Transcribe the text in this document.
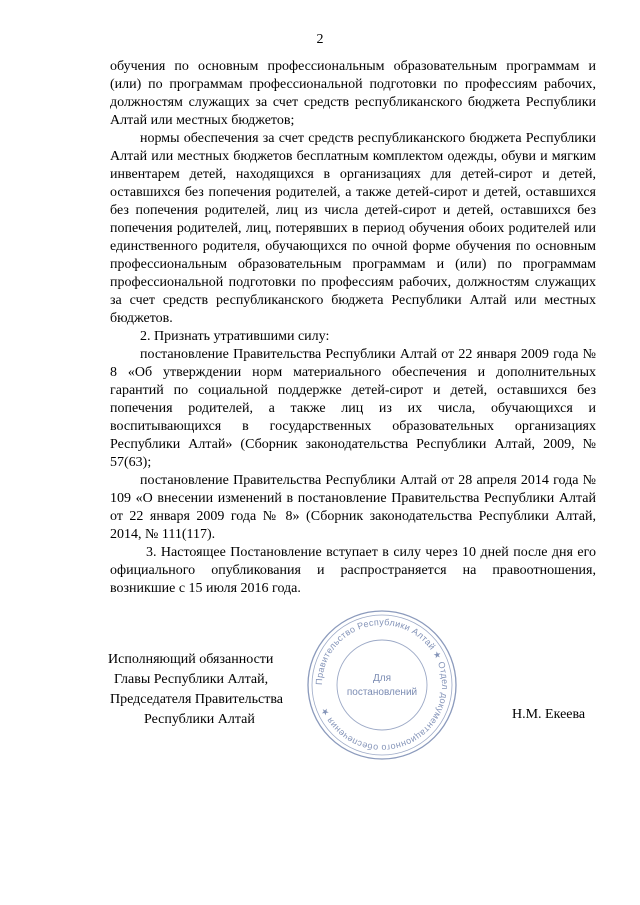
2

обучения по основным профессиональным образовательным программам и (или) по программам профессиональной подготовки по профессиям рабочих, должностям служащих за счет средств республиканского бюджета Республики Алтай или местных бюджетов;

нормы обеспечения за счет средств республиканского бюджета Республики Алтай или местных бюджетов бесплатным комплектом одежды, обуви и мягким инвентарем детей, находящихся в организациях для детей-сирот и детей, оставшихся без попечения родителей, а также детей-сирот и детей, оставшихся без попечения родителей, лиц из числа детей-сирот и детей, оставшихся без попечения родителей, лиц, потерявших в период обучения обоих родителей или единственного родителя, обучающихся по очной форме обучения по основным профессиональным образовательным программам и (или) по программам профессиональной подготовки по профессиям рабочих, должностям служащих за счет средств республиканского бюджета Республики Алтай или местных бюджетов.

2. Признать утратившими силу:

постановление Правительства Республики Алтай от 22 января 2009 года № 8 «Об утверждении норм материального обеспечения и дополнительных гарантий по социальной поддержке детей-сирот и детей, оставшихся без попечения родителей, а также лиц из их числа, обучающихся и воспитывающихся в государственных образовательных организациях Республики Алтай» (Сборник законодательства Республики Алтай, 2009, № 57(63);

постановление Правительства Республики Алтай от 28 апреля 2014 года № 109 «О внесении изменений в постановление Правительства Республики Алтай от 22 января 2009 года № 8» (Сборник законодательства Республики Алтай, 2014, № 111(117).

3. Настоящее Постановление вступает в силу через 10 дней после дня его официального опубликования и распространяется на правоотношения, возникшие с 15 июля 2016 года.

Исполняющий обязанности
Главы Республики Алтай,
Председателя Правительства
Республики Алтай	Н.М. Екеева
Правительство Республики Алтай ★ Отдел документационного обеспечения ★
Для
постановлений
